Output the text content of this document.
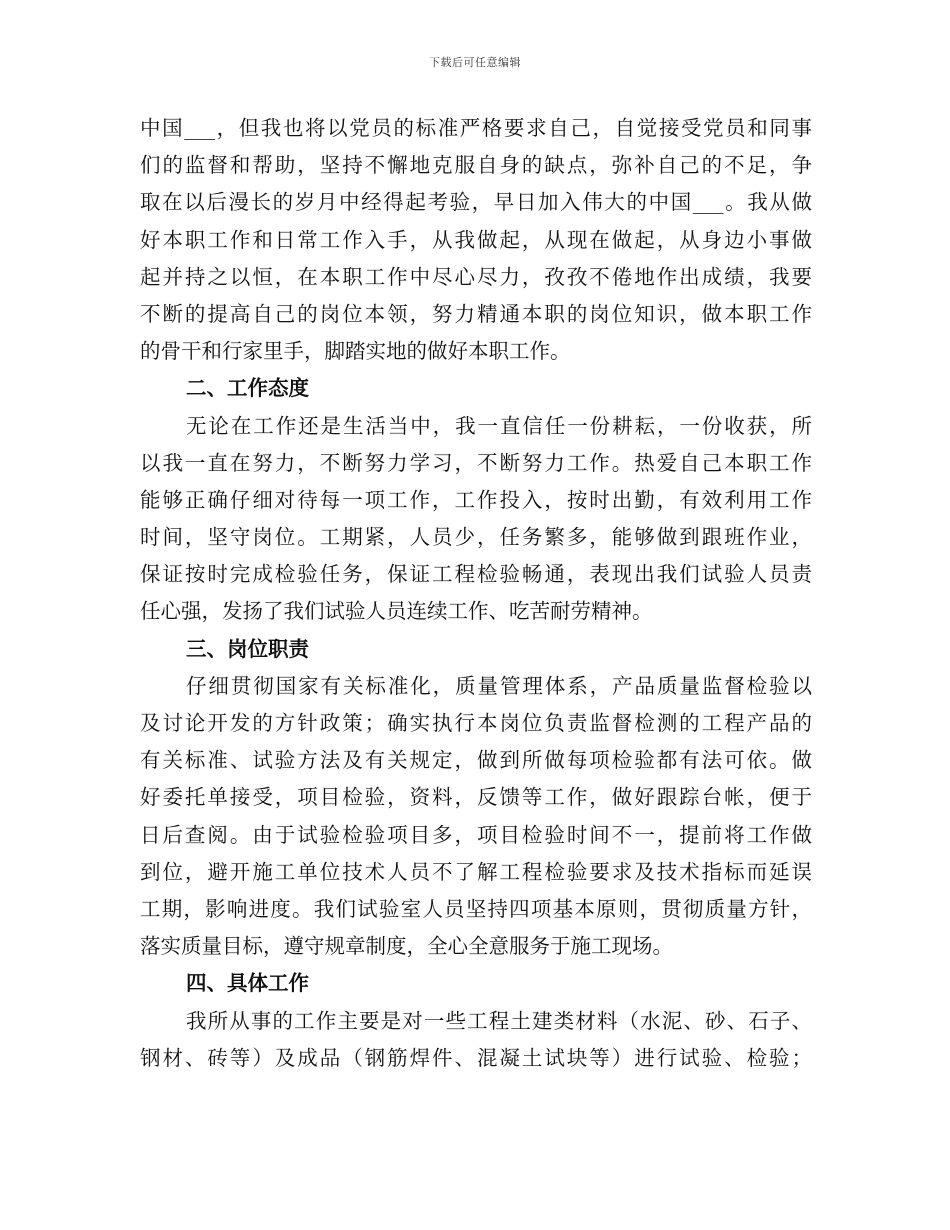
下载后可任意编辑
中国___，但我也将以党员的标准严格要求自己，自觉接受党员和同事
们的监督和帮助，坚持不懈地克服自身的缺点，弥补自己的不足，争
取在以后漫长的岁月中经得起考验，早日加入伟大的中国___。我从做
好本职工作和日常工作入手，从我做起，从现在做起，从身边小事做
起并持之以恒，在本职工作中尽心尽力，孜孜不倦地作出成绩，我要
不断的提高自己的岗位本领，努力精通本职的岗位知识，做本职工作
的骨干和行家里手，脚踏实地的做好本职工作。
二、工作态度
无论在工作还是生活当中，我一直信任一份耕耘，一份收获，所
以我一直在努力，不断努力学习，不断努力工作。热爱自己本职工作
能够正确仔细对待每一项工作，工作投入，按时出勤，有效利用工作
时间，坚守岗位。工期紧，人员少，任务繁多，能够做到跟班作业，
保证按时完成检验任务，保证工程检验畅通，表现出我们试验人员责
任心强，发扬了我们试验人员连续工作、吃苦耐劳精神。
三、岗位职责
仔细贯彻国家有关标准化，质量管理体系，产品质量监督检验以
及讨论开发的方针政策；确实执行本岗位负责监督检测的工程产品的
有关标准、试验方法及有关规定，做到所做每项检验都有法可依。做
好委托单接受，项目检验，资料，反馈等工作，做好跟踪台帐，便于
日后查阅。由于试验检验项目多，项目检验时间不一，提前将工作做
到位，避开施工单位技术人员不了解工程检验要求及技术指标而延误
工期，影响进度。我们试验室人员坚持四项基本原则，贯彻质量方针，
落实质量目标，遵守规章制度，全心全意服务于施工现场。
四、具体工作
我所从事的工作主要是对一些工程土建类材料（水泥、砂、石子、
钢材、砖等）及成品（钢筋焊件、混凝土试块等）进行试验、检验；
